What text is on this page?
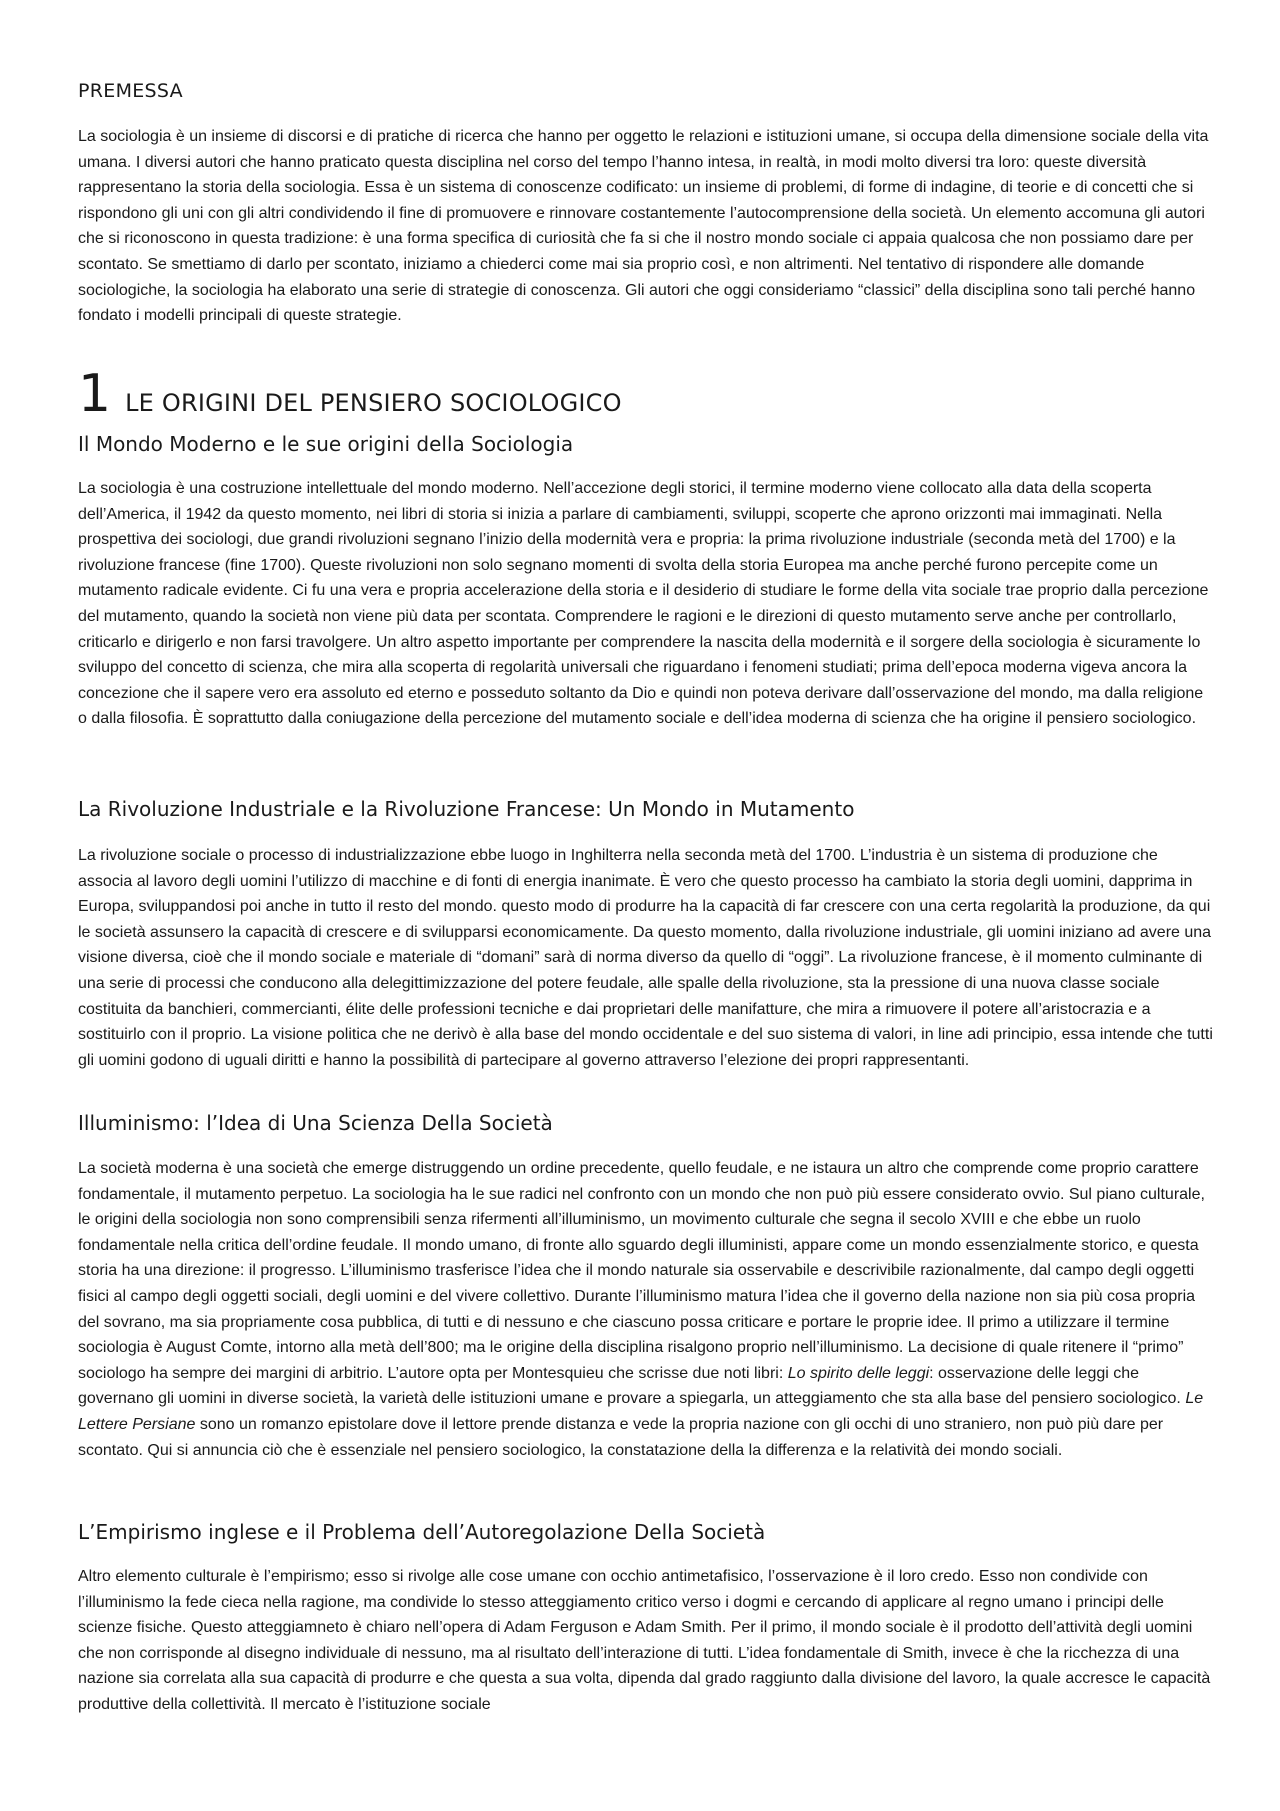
PREMESSA

La sociologia è un insieme di discorsi e di pratiche di ricerca che hanno per oggetto le relazioni e istituzioni umane, si occupa della dimensione sociale della vita umana. I diversi autori che hanno praticato questa disciplina nel corso del tempo l’hanno intesa, in realtà, in modi molto diversi tra loro: queste diversità rappresentano la storia della sociologia. Essa è un sistema di conoscenze codificato: un insieme di problemi, di forme di indagine, di teorie e di concetti che si rispondono gli uni con gli altri condividendo il fine di promuovere e rinnovare costantemente l’autocomprensione della società. Un elemento accomuna gli autori che si riconoscono in questa tradizione: è una forma specifica di curiosità che fa si che il nostro mondo sociale ci appaia qualcosa che non possiamo dare per scontato. Se smettiamo di darlo per scontato, iniziamo a chiederci come mai sia proprio così, e non altrimenti. Nel tentativo di rispondere alle domande sociologiche, la sociologia ha elaborato una serie di strategie di conoscenza. Gli autori che oggi consideriamo “classici” della disciplina sono tali perché hanno fondato i modelli principali di queste strategie.

1 LE ORIGINI DEL PENSIERO SOCIOLOGICO
Il Mondo Moderno e le sue origini della Sociologia

La sociologia è una costruzione intellettuale del mondo moderno. Nell’accezione degli storici, il termine moderno viene collocato alla data della scoperta dell’America, il 1942 da questo momento, nei libri di storia si inizia a parlare di cambiamenti, sviluppi, scoperte che aprono orizzonti mai immaginati. Nella prospettiva dei sociologi, due grandi rivoluzioni segnano l’inizio della modernità vera e propria: la prima rivoluzione industriale (seconda metà del 1700) e la rivoluzione francese (fine 1700). Queste rivoluzioni non solo segnano momenti di svolta della storia Europea ma anche perché furono percepite come un mutamento radicale evidente. Ci fu una vera e propria accelerazione della storia e il desiderio di studiare le forme della vita sociale trae proprio dalla percezione del mutamento, quando la società non viene più data per scontata. Comprendere le ragioni e le direzioni di questo mutamento serve anche per controllarlo, criticarlo e dirigerlo e non farsi travolgere. Un altro aspetto importante per comprendere la nascita della modernità e il sorgere della sociologia è sicuramente lo sviluppo del concetto di scienza, che mira alla scoperta di regolarità universali che riguardano i fenomeni studiati; prima dell’epoca moderna vigeva ancora la concezione che il sapere vero era assoluto ed eterno e posseduto soltanto da Dio e quindi non poteva derivare dall’osservazione del mondo, ma dalla religione o dalla filosofia. È soprattutto dalla coniugazione della percezione del mutamento sociale e dell’idea moderna di scienza che ha origine il pensiero sociologico.

La Rivoluzione Industriale e la Rivoluzione Francese: Un Mondo in Mutamento

La rivoluzione sociale o processo di industrializzazione ebbe luogo in Inghilterra nella seconda metà del 1700. L’industria è un sistema di produzione che associa al lavoro degli uomini l’utilizzo di macchine e di fonti di energia inanimate. È vero che questo processo ha cambiato la storia degli uomini, dapprima in Europa, sviluppandosi poi anche in tutto il resto del mondo. questo modo di produrre ha la capacità di far crescere con una certa regolarità la produzione, da qui le società assunsero la capacità di crescere e di svilupparsi economicamente. Da questo momento, dalla rivoluzione industriale, gli uomini iniziano ad avere una visione diversa, cioè che il mondo sociale e materiale di “domani” sarà di norma diverso da quello di “oggi”. La rivoluzione francese, è il momento culminante di una serie di processi che conducono alla delegittimizzazione del potere feudale, alle spalle della rivoluzione, sta la pressione di una nuova classe sociale costituita da banchieri, commercianti, élite delle professioni tecniche e dai proprietari delle manifatture, che mira a rimuovere il potere all’aristocrazia e a sostituirlo con il proprio. La visione politica che ne derivò è alla base del mondo occidentale e del suo sistema di valori, in line adi principio, essa intende che tutti gli uomini godono di uguali diritti e hanno la possibilità di partecipare al governo attraverso l’elezione dei propri rappresentanti.

Illuminismo: l’Idea di Una Scienza Della Società

La società moderna è una società che emerge distruggendo un ordine precedente, quello feudale, e ne istaura un altro che comprende come proprio carattere fondamentale, il mutamento perpetuo. La sociologia ha le sue radici nel confronto con un mondo che non può più essere considerato ovvio. Sul piano culturale, le origini della sociologia non sono comprensibili senza rifermenti all’illuminismo, un movimento culturale che segna il secolo XVIII e che ebbe un ruolo fondamentale nella critica dell’ordine feudale. Il mondo umano, di fronte allo sguardo degli illuministi, appare come un mondo essenzialmente storico, e questa storia ha una direzione: il progresso. L’illuminismo trasferisce l’idea che il mondo naturale sia osservabile e descrivibile razionalmente, dal campo degli oggetti fisici al campo degli oggetti sociali, degli uomini e del vivere collettivo. Durante l’illuminismo matura l’idea che il governo della nazione non sia più cosa propria del sovrano, ma sia propriamente cosa pubblica, di tutti e di nessuno e che ciascuno possa criticare e portare le proprie idee. Il primo a utilizzare il termine sociologia è August Comte, intorno alla metà dell’800; ma le origine della disciplina risalgono proprio nell’illuminismo. La decisione di quale ritenere il “primo” sociologo ha sempre dei margini di arbitrio. L’autore opta per Montesquieu che scrisse due noti libri: Lo spirito delle leggi: osservazione delle leggi che governano gli uomini in diverse società, la varietà delle istituzioni umane e provare a spiegarla, un atteggiamento che sta alla base del pensiero sociologico. Le Lettere Persiane sono un romanzo epistolare dove il lettore prende distanza e vede la propria nazione con gli occhi di uno straniero, non può più dare per scontato. Qui si annuncia ciò che è essenziale nel pensiero sociologico, la constatazione della la differenza e la relatività dei mondo sociali.

L’Empirismo inglese e il Problema dell’Autoregolazione Della Società

Altro elemento culturale è l’empirismo; esso si rivolge alle cose umane con occhio antimetafisico, l’osservazione è il loro credo. Esso non condivide con l’illuminismo la fede cieca nella ragione, ma condivide lo stesso atteggiamento critico verso i dogmi e cercando di applicare al regno umano i principi delle scienze fisiche. Questo atteggiamneto è chiaro nell’opera di Adam Ferguson e Adam Smith. Per il primo, il mondo sociale è il prodotto dell’attività degli uomini che non corrisponde al disegno individuale di nessuno, ma al risultato dell’interazione di tutti. L’idea fondamentale di Smith, invece è che la ricchezza di una nazione sia correlata alla sua capacità di produrre e che questa a sua volta, dipenda dal grado raggiunto dalla divisione del lavoro, la quale accresce le capacità produttive della collettività. Il mercato è l’istituzione sociale
